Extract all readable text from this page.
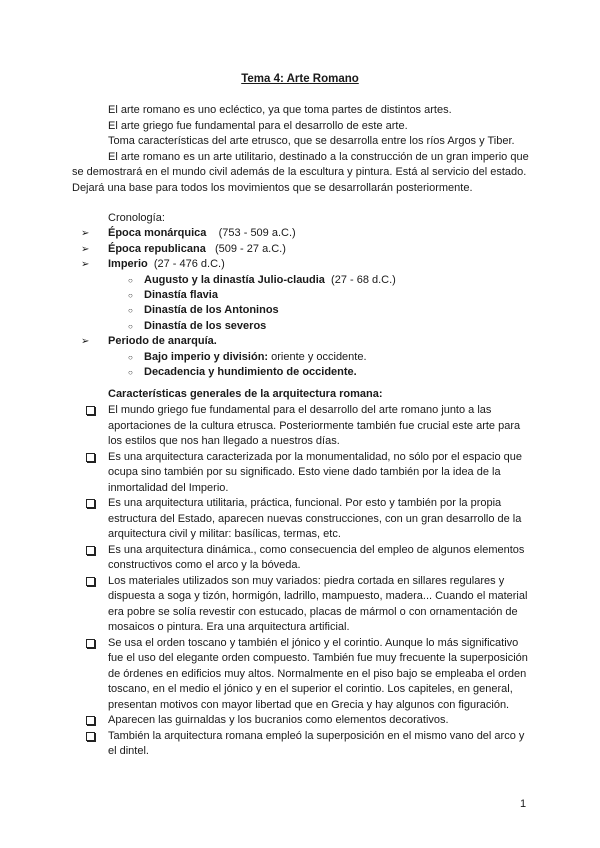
Tema 4: Arte Romano

El arte romano es uno ecléctico, ya que toma partes de distintos artes.

El arte griego fue fundamental para el desarrollo de este arte.

Toma características del arte etrusco, que se desarrolla entre los ríos Argos y Tiber.

El arte romano es un arte utilitario, destinado a la construcción de un gran imperio que se demostrará en el mundo civil además de la escultura y pintura. Está al servicio del estado. Dejará una base para todos los movimientos que se desarrollarán posteriormente.

Cronología:
➢ Época monárquica    (753 - 509 a.C.)
➢ Época republicana   (509 - 27 a.C.)
➢ Imperio  (27 - 476 d.C.)
○ Augusto y la dinastía Julio-claudia  (27 - 68 d.C.)
○ Dinastía flavia
○ Dinastía de los Antoninos
○ Dinastía de los severos
➢ Periodo de anarquía.
○ Bajo imperio y división: oriente y occidente.
○ Decadencia y hundimiento de occidente.
Características generales de la arquitectura romana:
El mundo griego fue fundamental para el desarrollo del arte romano junto a las aportaciones de la cultura etrusca. Posteriormente también fue crucial este arte para los estilos que nos han llegado a nuestros días.
Es una arquitectura caracterizada por la monumentalidad, no sólo por el espacio que ocupa sino también por su significado. Esto viene dado también por la idea de la inmortalidad del Imperio.
Es una arquitectura utilitaria, práctica, funcional. Por esto y también por la propia estructura del Estado, aparecen nuevas construcciones, con un gran desarrollo de la arquitectura civil y militar: basílicas, termas, etc.
Es una arquitectura dinámica., como consecuencia del empleo de algunos elementos constructivos como el arco y la bóveda.
Los materiales utilizados son muy variados: piedra cortada en sillares regulares y dispuesta a soga y tizón, hormigón, ladrillo, mampuesto, madera... Cuando el material era pobre se solía revestir con estucado, placas de mármol o con ornamentación de mosaicos o pintura. Era una arquitectura artificial.
Se usa el orden toscano y también el jónico y el corintio. Aunque lo más significativo fue el uso del elegante orden compuesto. También fue muy frecuente la superposición de órdenes en edificios muy altos. Normalmente en el piso bajo se empleaba el orden toscano, en el medio el jónico y en el superior el corintio. Los capiteles, en general, presentan motivos con mayor libertad que en Grecia y hay algunos con figuración.
Aparecen las guirnaldas y los bucranios como elementos decorativos.
También la arquitectura romana empleó la superposición en el mismo vano del arco y el dintel.
1
